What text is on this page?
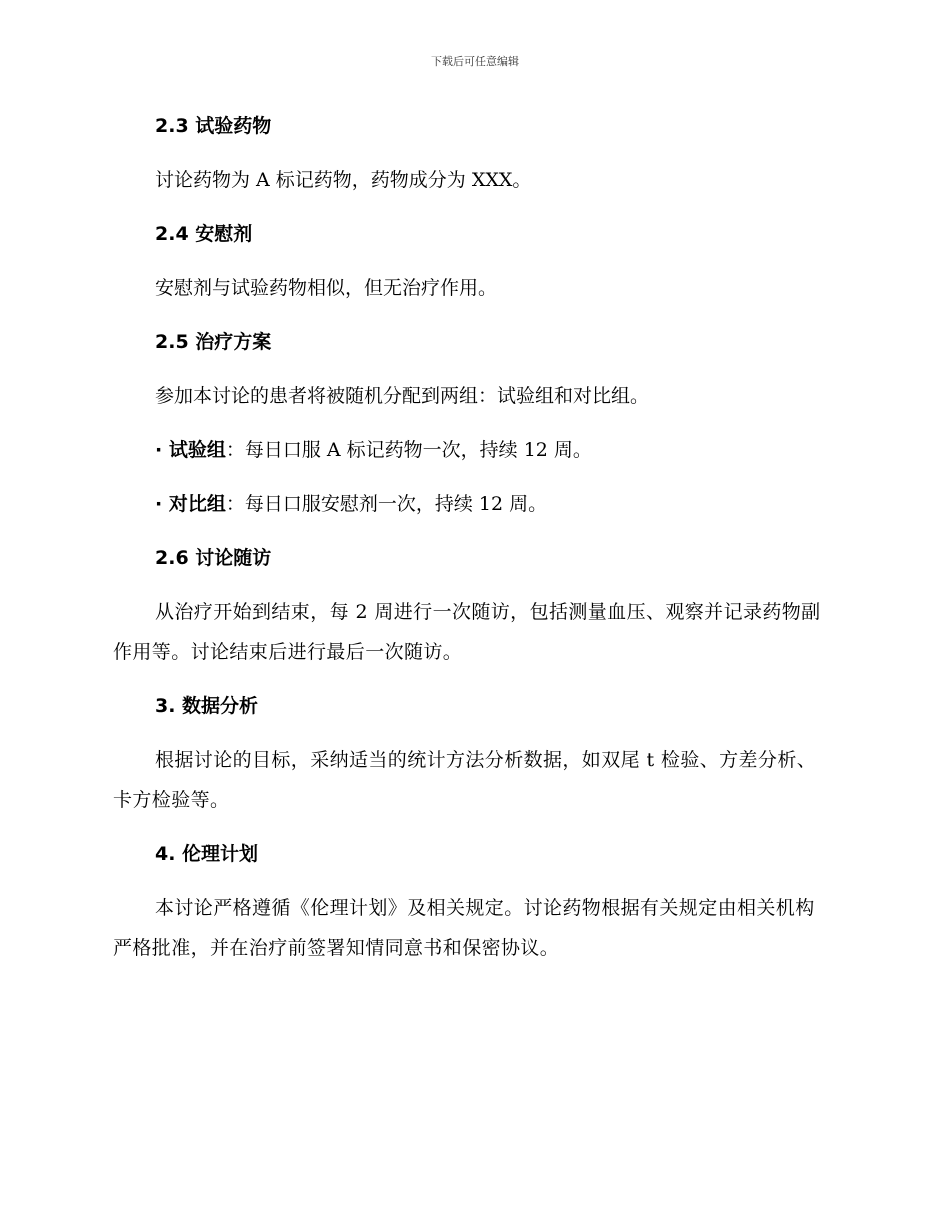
下载后可任意编辑
2.3 试验药物
讨论药物为 A 标记药物，药物成分为 XXX。
2.4 安慰剂
安慰剂与试验药物相似，但无治疗作用。
2.5 治疗方案
参加本讨论的患者将被随机分配到两组：试验组和对比组。
· 试验组：每日口服 A 标记药物一次，持续 12 周。
· 对比组：每日口服安慰剂一次，持续 12 周。
2.6 讨论随访
从治疗开始到结束，每 2 周进行一次随访，包括测量血压、观察并记录药物副作用等。讨论结束后进行最后一次随访。
3. 数据分析
根据讨论的目标，采纳适当的统计方法分析数据，如双尾 t 检验、方差分析、卡方检验等。
4. 伦理计划
本讨论严格遵循《伦理计划》及相关规定。讨论药物根据有关规定由相关机构严格批准，并在治疗前签署知情同意书和保密协议。
